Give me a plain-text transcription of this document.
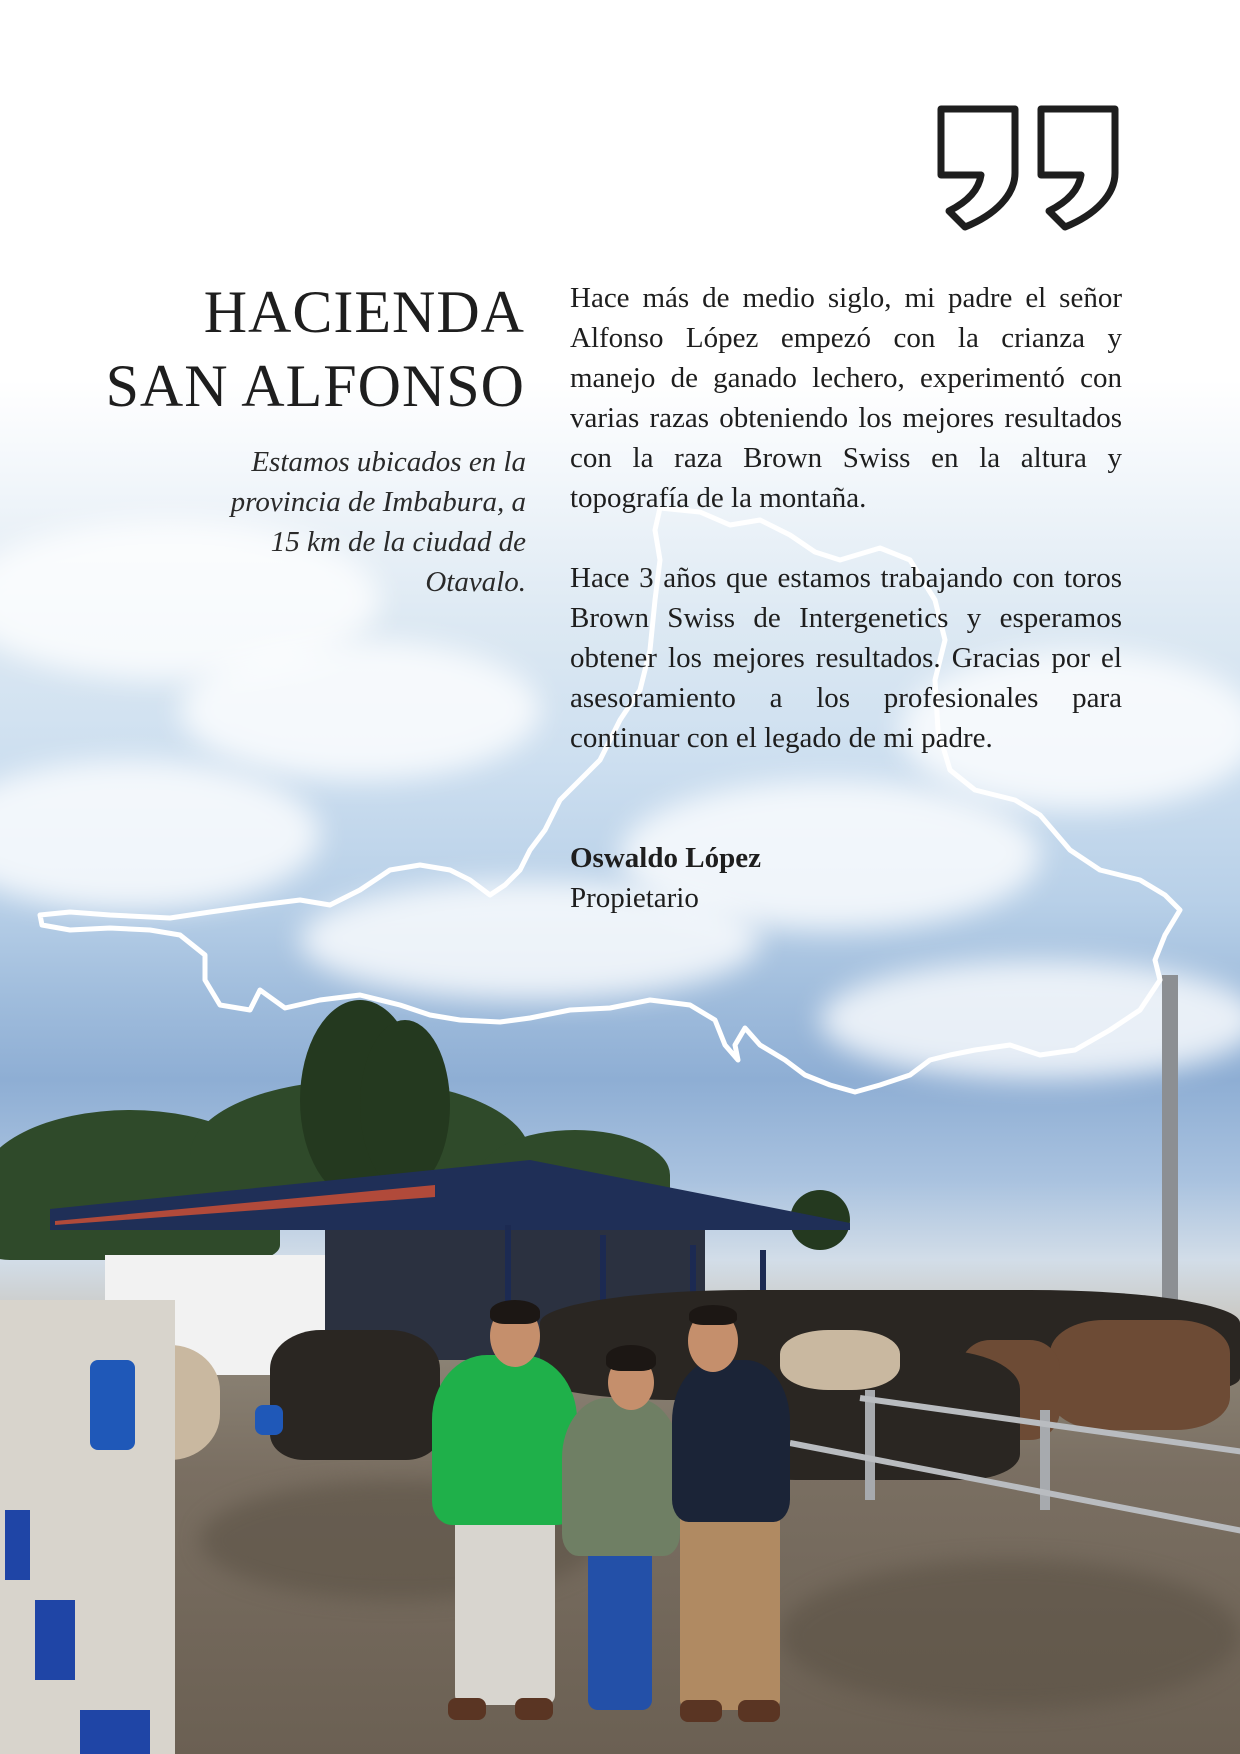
HACIENDA
SAN ALFONSO
Estamos ubicados en la provincia de Imbabura, a 15 km de la ciudad de Otavalo.

Hace más de medio siglo, mi padre el señor Alfonso López empezó con la crianza y manejo de ganado lechero, experimentó con varias razas obteniendo los mejores resultados con la raza Brown Swiss en la altura y topografía de la montaña.

Hace 3 años que estamos trabajando con toros Brown Swiss de Intergenetics y esperamos obtener los mejores resultados. Gracias por el asesoramiento a los profesionales para continuar con el legado de mi padre.

Oswaldo López
Propietario
